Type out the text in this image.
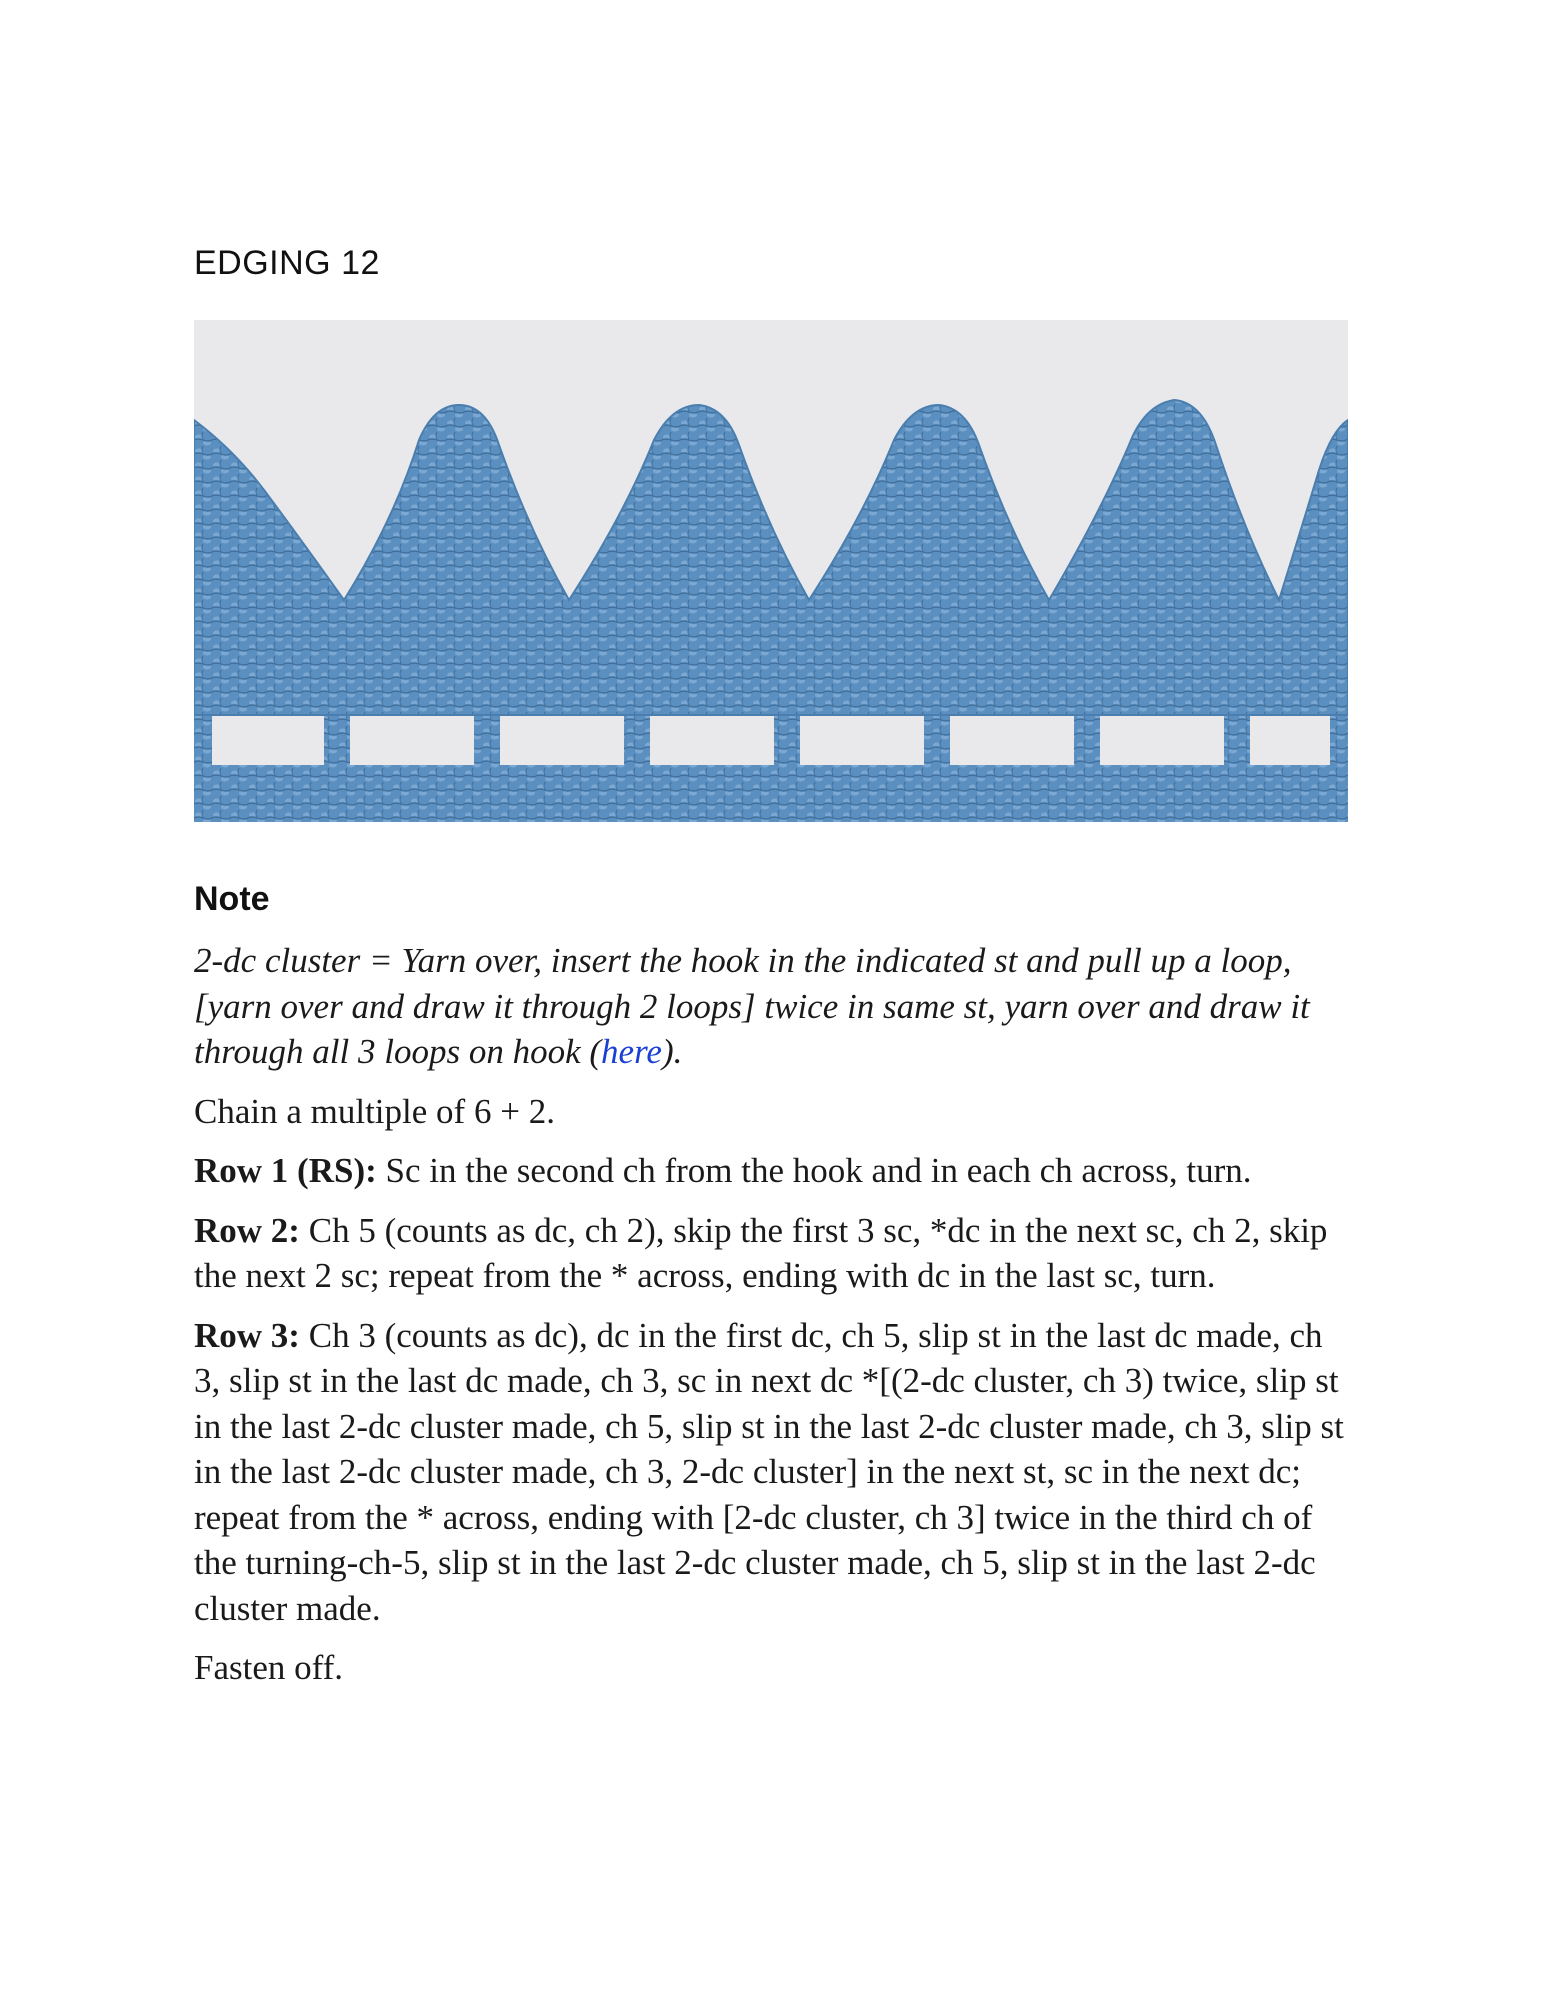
EDGING 12
Note

2-dc cluster = Yarn over, insert the hook in the indicated st and pull up a loop, [yarn over and draw it through 2 loops] twice in same st, yarn over and draw it through all 3 loops on hook (here).

Chain a multiple of 6 + 2.

Row 1 (RS): Sc in the second ch from the hook and in each ch across, turn.

Row 2: Ch 5 (counts as dc, ch 2), skip the first 3 sc, *dc in the next sc, ch 2, skip the next 2 sc; repeat from the * across, ending with dc in the last sc, turn.

Row 3: Ch 3 (counts as dc), dc in the first dc, ch 5, slip st in the last dc made, ch 3, slip st in the last dc made, ch 3, sc in next dc *[(2-dc cluster, ch 3) twice, slip st in the last 2-dc cluster made, ch 5, slip st in the last 2-dc cluster made, ch 3, slip st in the last 2-dc cluster made, ch 3, 2-dc cluster] in the next st, sc in the next dc; repeat from the * across, ending with [2-dc cluster, ch 3] twice in the third ch of the turning-ch-5, slip st in the last 2-dc cluster made, ch 5, slip st in the last 2-dc cluster made.

Fasten off.
